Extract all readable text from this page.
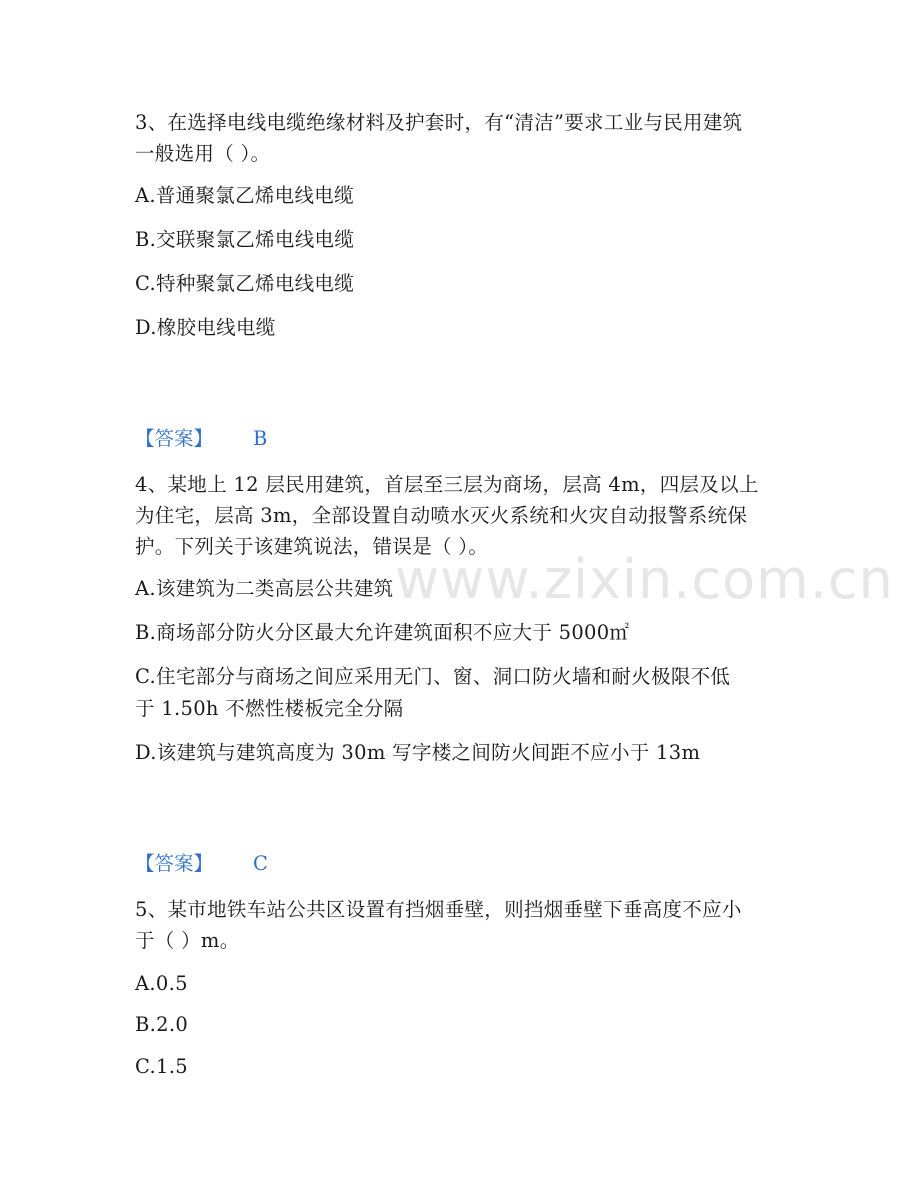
www.zixin.com.cn
3、在选择电线电缆绝缘材料及护套时，有“清洁”要求工业与民用建筑
一般选用（ ）。
A.普通聚氯乙烯电线电缆
B.交联聚氯乙烯电线电缆
C.特种聚氯乙烯电线电缆
D.橡胶电线电缆
【答案】 B
4、某地上 12 层民用建筑，首层至三层为商场，层高 4m，四层及以上
为住宅，层高 3m，全部设置自动喷水灭火系统和火灾自动报警系统保
护。下列关于该建筑说法，错误是（ ）。
A.该建筑为二类高层公共建筑
B.商场部分防火分区最大允许建筑面积不应大于 5000㎡
C.住宅部分与商场之间应采用无门、窗、洞口防火墙和耐火极限不低
于 1.50h 不燃性楼板完全分隔
D.该建筑与建筑高度为 30m 写字楼之间防火间距不应小于 13m
【答案】 C
5、某市地铁车站公共区设置有挡烟垂壁，则挡烟垂壁下垂高度不应小
于（ ）m。
A.0.5
B.2.0
C.1.5
